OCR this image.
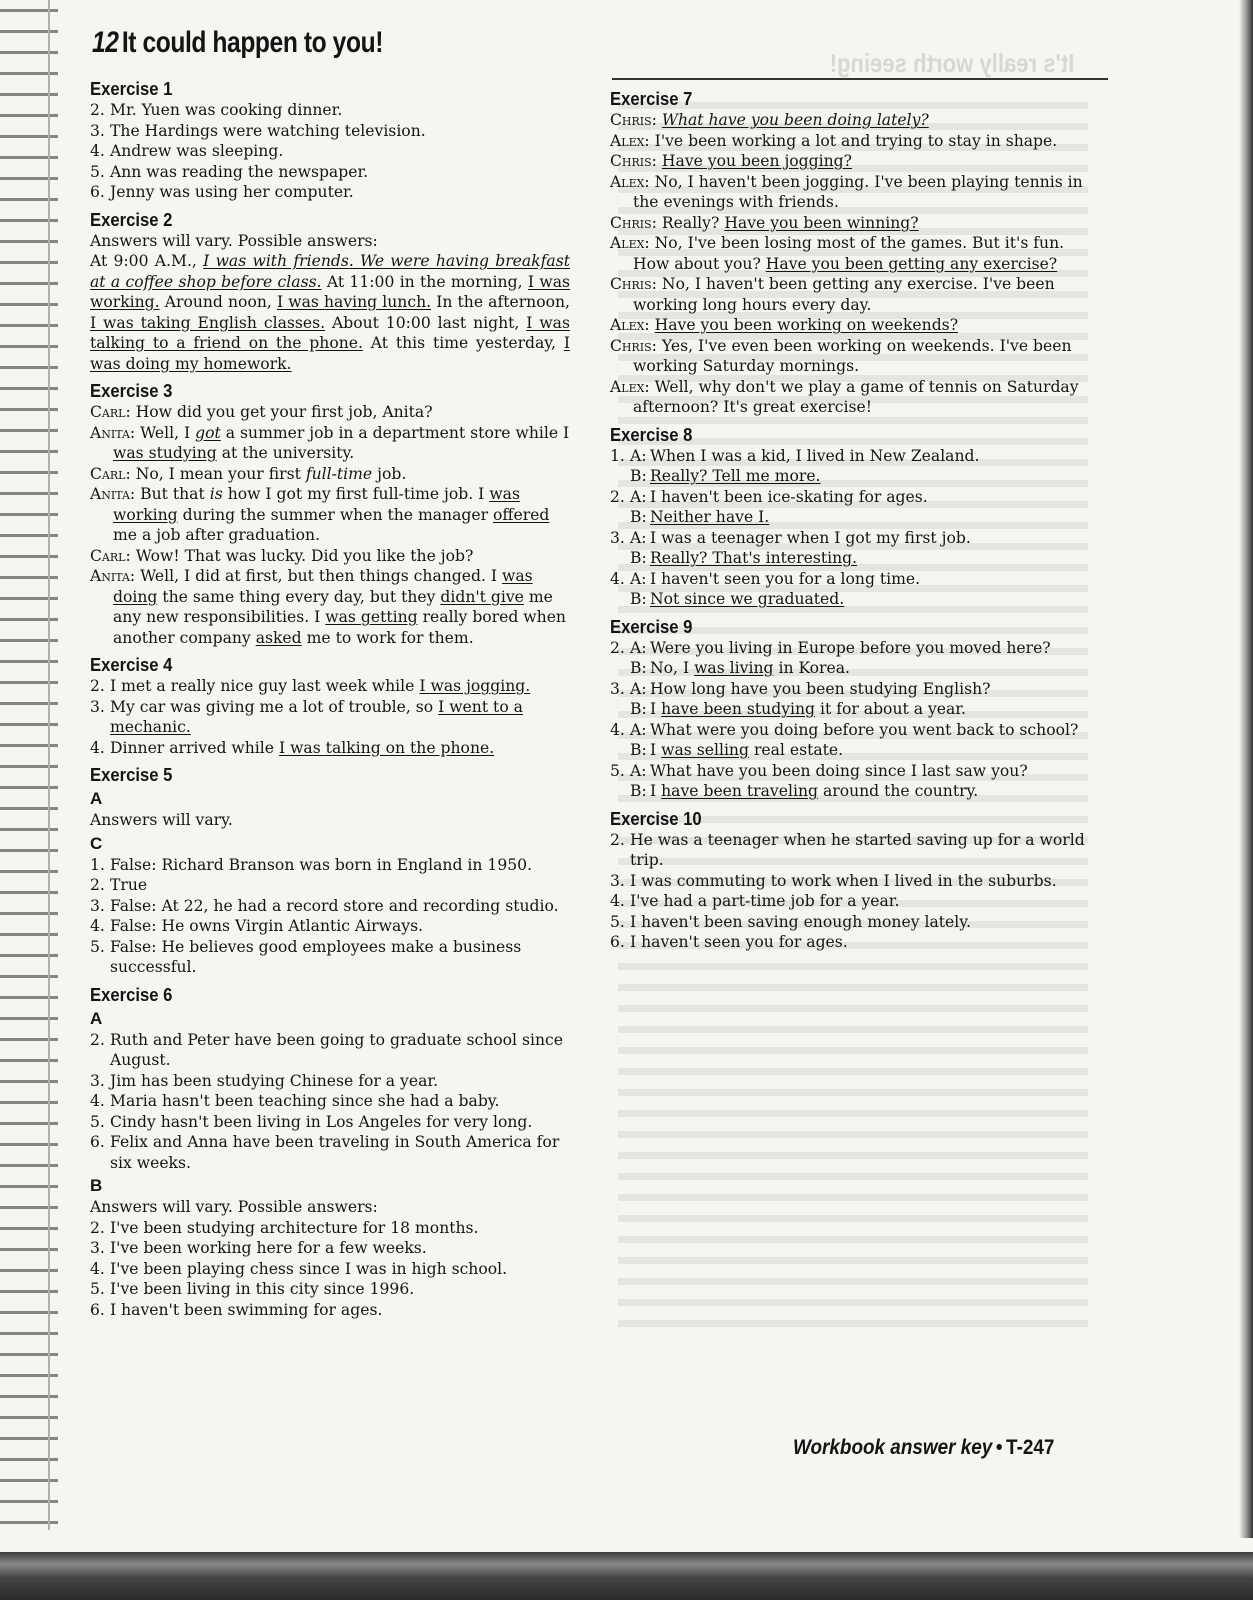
It's really worth seeing!
12 It could happen to you!
Exercise 1
2. Mr. Yuen was cooking dinner.
3. The Hardings were watching television.
4. Andrew was sleeping.
5. Ann was reading the newspaper.
6. Jenny was using her computer.
Exercise 2

Answers will vary. Possible answers:

At 9:00 A.M., I was with friends. We were having breakfast at a coffee shop before class. At 11:00 in the morning, I was working. Around noon, I was having lunch. In the afternoon, I was taking English classes. About 10:00 last night, I was talking to a friend on the phone. At this time yesterday, I was doing my homework.

Exercise 3

Carl: How did you get your first job, Anita?

Anita: Well, I got a summer job in a department store while I was studying at the university.

Carl: No, I mean your first full-time job.

Anita: But that is how I got my first full-time job. I was working during the summer when the manager offered me a job after graduation.

Carl: Wow! That was lucky. Did you like the job?

Anita: Well, I did at first, but then things changed. I was doing the same thing every day, but they didn't give me any new responsibilities. I was getting really bored when another company asked me to work for them.

Exercise 4
2. I met a really nice guy last week while I was jogging.
3. My car was giving me a lot of trouble, so I went to a mechanic.
4. Dinner arrived while I was talking on the phone.
Exercise 5
A

Answers will vary.

C
1. False: Richard Branson was born in England in 1950.
2. True
3. False: At 22, he had a record store and recording studio.
4. False: He owns Virgin Atlantic Airways.
5. False: He believes good employees make a business successful.
Exercise 6
A
2. Ruth and Peter have been going to graduate school since August.
3. Jim has been studying Chinese for a year.
4. Maria hasn't been teaching since she had a baby.
5. Cindy hasn't been living in Los Angeles for very long.
6. Felix and Anna have been traveling in South America for six weeks.
B

Answers will vary. Possible answers:

2. I've been studying architecture for 18 months.
3. I've been working here for a few weeks.
4. I've been playing chess since I was in high school.
5. I've been living in this city since 1996.
6. I haven't been swimming for ages.
Exercise 7

Chris: What have you been doing lately?

Alex: I've been working a lot and trying to stay in shape.

Chris: Have you been jogging?

Alex: No, I haven't been jogging. I've been playing tennis in the evenings with friends.

Chris: Really? Have you been winning?

Alex: No, I've been losing most of the games. But it's fun. How about you? Have you been getting any exercise?

Chris: No, I haven't been getting any exercise. I've been working long hours every day.

Alex: Have you been working on weekends?

Chris: Yes, I've even been working on weekends. I've been working Saturday mornings.

Alex: Well, why don't we play a game of tennis on Saturday afternoon? It's great exercise!

Exercise 8
1. A: When I was a kid, I lived in New Zealand.
B: Really? Tell me more.
2. A: I haven't been ice-skating for ages.
B: Neither have I.
3. A: I was a teenager when I got my first job.
B: Really? That's interesting.
4. A: I haven't seen you for a long time.
B: Not since we graduated.
Exercise 9
2. A: Were you living in Europe before you moved here?
B: No, I was living in Korea.
3. A: How long have you been studying English?
B: I have been studying it for about a year.
4. A: What were you doing before you went back to school?
B: I was selling real estate.
5. A: What have you been doing since I last saw you?
B: I have been traveling around the country.
Exercise 10
2. He was a teenager when he started saving up for a world trip.
3. I was commuting to work when I lived in the suburbs.
4. I've had a part-time job for a year.
5. I haven't been saving enough money lately.
6. I haven't seen you for ages.
Workbook answer key • T-247
